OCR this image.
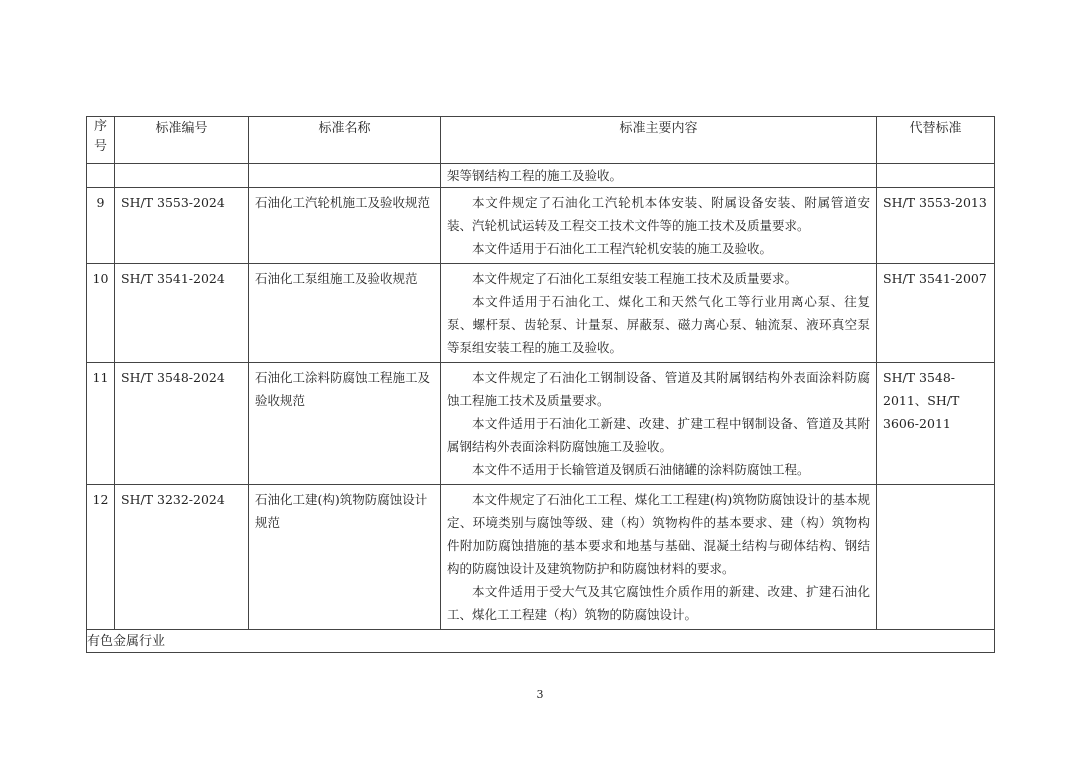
序号	标准编号	标准名称	标准主要内容	代替标准

			架等钢结构工程的施工及验收。	

9	SH/T 3553-2024	石油化工汽轮机施工及验收规范	本文件规定了石油化工汽轮机本体安装、附属设备安装、附属管道安装、汽轮机试运转及工程交工技术文件等的施工技术及质量要求。
本文件适用于石油化工工程汽轮机安装的施工及验收。	SH/T 3553-2013

10	SH/T 3541-2024	石油化工泵组施工及验收规范	本文件规定了石油化工泵组安装工程施工技术及质量要求。
本文件适用于石油化工、煤化工和天然气化工等行业用离心泵、往复泵、螺杆泵、齿轮泵、计量泵、屏蔽泵、磁力离心泵、轴流泵、液环真空泵等泵组安装工程的施工及验收。	SH/T 3541-2007

11	SH/T 3548-2024	石油化工涂料防腐蚀工程施工及验收规范	本文件规定了石油化工钢制设备、管道及其附属钢结构外表面涂料防腐蚀工程施工技术及质量要求。
本文件适用于石油化工新建、改建、扩建工程中钢制设备、管道及其附属钢结构外表面涂料防腐蚀施工及验收。
本文件不适用于长输管道及钢质石油储罐的涂料防腐蚀工程。	SH/T 3548-2011、SH/T 3606-2011

12	SH/T 3232-2024	石油化工建(构)筑物防腐蚀设计规范	本文件规定了石油化工工程、煤化工工程建(构)筑物防腐蚀设计的基本规定、环境类别与腐蚀等级、建（构）筑物构件的基本要求、建（构）筑物构件附加防腐蚀措施的基本要求和地基与基础、混凝土结构与砌体结构、钢结构的防腐蚀设计及建筑物防护和防腐蚀材料的要求。
本文件适用于受大气及其它腐蚀性介质作用的新建、改建、扩建石油化工、煤化工工程建（构）筑物的防腐蚀设计。	

有色金属行业				
3
